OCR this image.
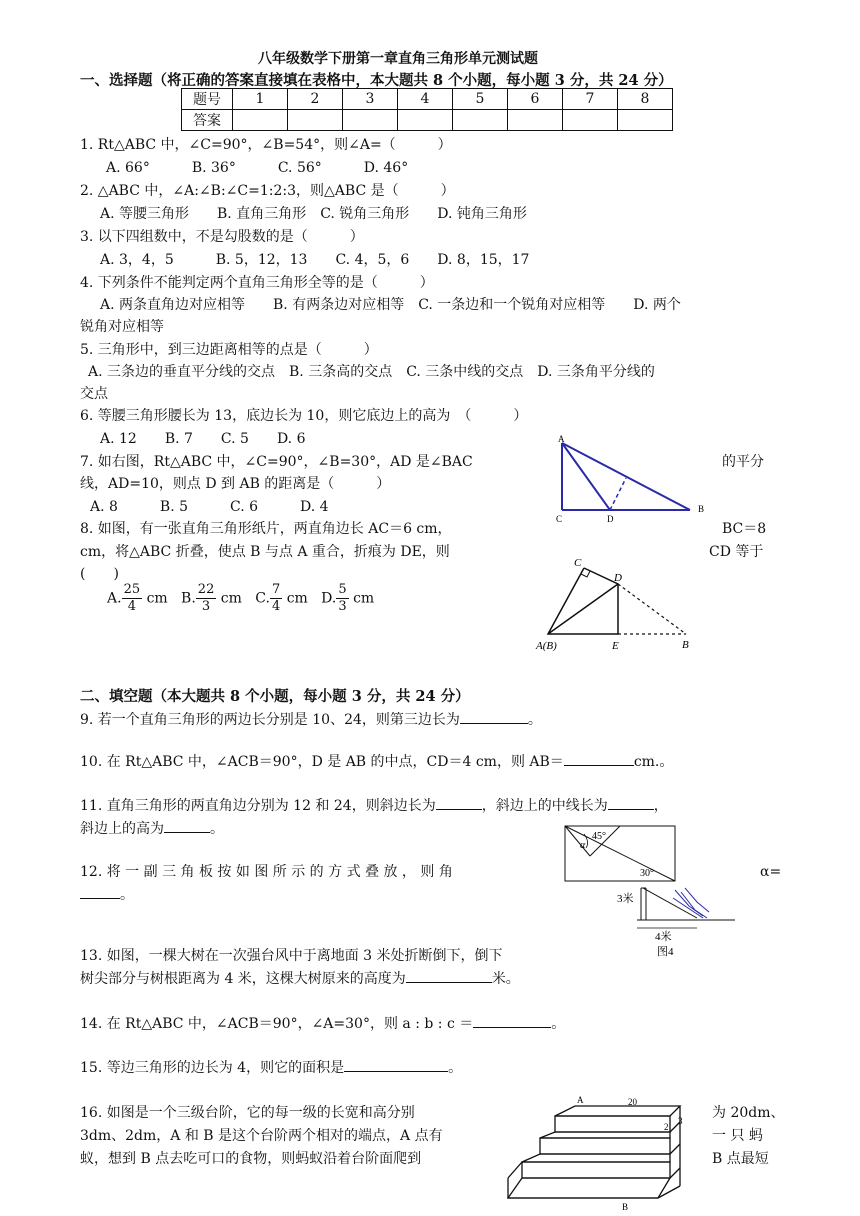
八年级数学下册第一章直角三角形单元测试题
一、选择题（将正确的答案直接填在表格中，本大题共 8 个小题，每小题 3 分，共 24 分）
题号	1	2	3	4	5	6	7	8
答案								
1. Rt△ABC 中，∠C=90°，∠B=54°，则∠A=（　　　）
A. 66°　　　B. 36°　　　C. 56°　　　D. 46°
2. △ABC 中，∠A:∠B:∠C=1:2:3，则△ABC 是（　　　）
A. 等腰三角形　　B. 直角三角形　C. 锐角三角形　　D. 钝角三角形
3. 以下四组数中，不是勾股数的是（　　　）
A. 3，4，5　　　B. 5，12，13　　C. 4，5，6　　D. 8，15，17
4. 下列条件不能判定两个直角三角形全等的是（　　　）
A. 两条直角边对应相等　　B. 有两条边对应相等　C. 一条边和一个锐角对应相等　　D. 两个
锐角对应相等
5. 三角形中，到三边距离相等的点是（　　　）
A. 三条边的垂直平分线的交点　B. 三条高的交点　C. 三条中线的交点　D. 三条角平分线的
交点
6. 等腰三角形腰长为 13，底边长为 10，则它底边上的高为　（　　　）
A. 12　　B. 7　　C. 5　　D. 6
7. 如右图，Rt△ABC 中，∠C=90°，∠B=30°，AD 是∠BAC	的平分
线，AD=10，则点 D 到 AB 的距离是（　　　）
A. 8　　　B. 5　　　C. 6　　　D. 4
A
C	D
B
8. 如图，有一张直角三角形纸片，两直角边长 AC＝6 cm，	BC＝8
cm，将△ABC 折叠，使点 B 与点 A 重合，折痕为 DE，则	CD 等于
(　　)
A. $\frac{25}{4}$ cm B. $\frac{22}{3}$ cm C. $\frac{7}{4}$ cm D. $\frac{5}{3}$ cm
C
D
A(B)	E	B
二、填空题（本大题共 8 个小题，每小题 3 分，共 24 分）
9. 若一个直角三角形的两边长分别是 10、24，则第三边长为	。
10. 在 Rt△ABC 中，∠ACB＝90°，D 是 AB 的中点，CD＝4 cm，则 AB＝	cm.。
11. 直角三角形的两直角边分别为 12 和 24，则斜边长为	，斜边上的中线长为	，
斜边上的高为	。	45°
α
30°
12. 将 一 副 三 角 板 按 如 图 所 示 的 方 式 叠 放 ， 则 角	α=
。	3米
4米
图4
13. 如图，一棵大树在一次强台风中于离地面 3 米处折断倒下，倒下
树尖部分与树根距离为 4 米，这棵大树原来的高度为	米。
14. 在 Rt△ABC 中，∠ACB＝90°，∠A=30°，则 a : b : c ＝	。
15. 等边三角形的边长为 4，则它的面积是	。
16. 如图是一个三级台阶，它的每一级的长宽和高分别	为 20dm、
3dm、2dm，A 和 B 是这个台阶两个相对的端点，A 点有	一 只 蚂
蚁，想到 B 点去吃可口的食物，则蚂蚁沿着台阶面爬到	B 点最短
A	20
2
3
B
